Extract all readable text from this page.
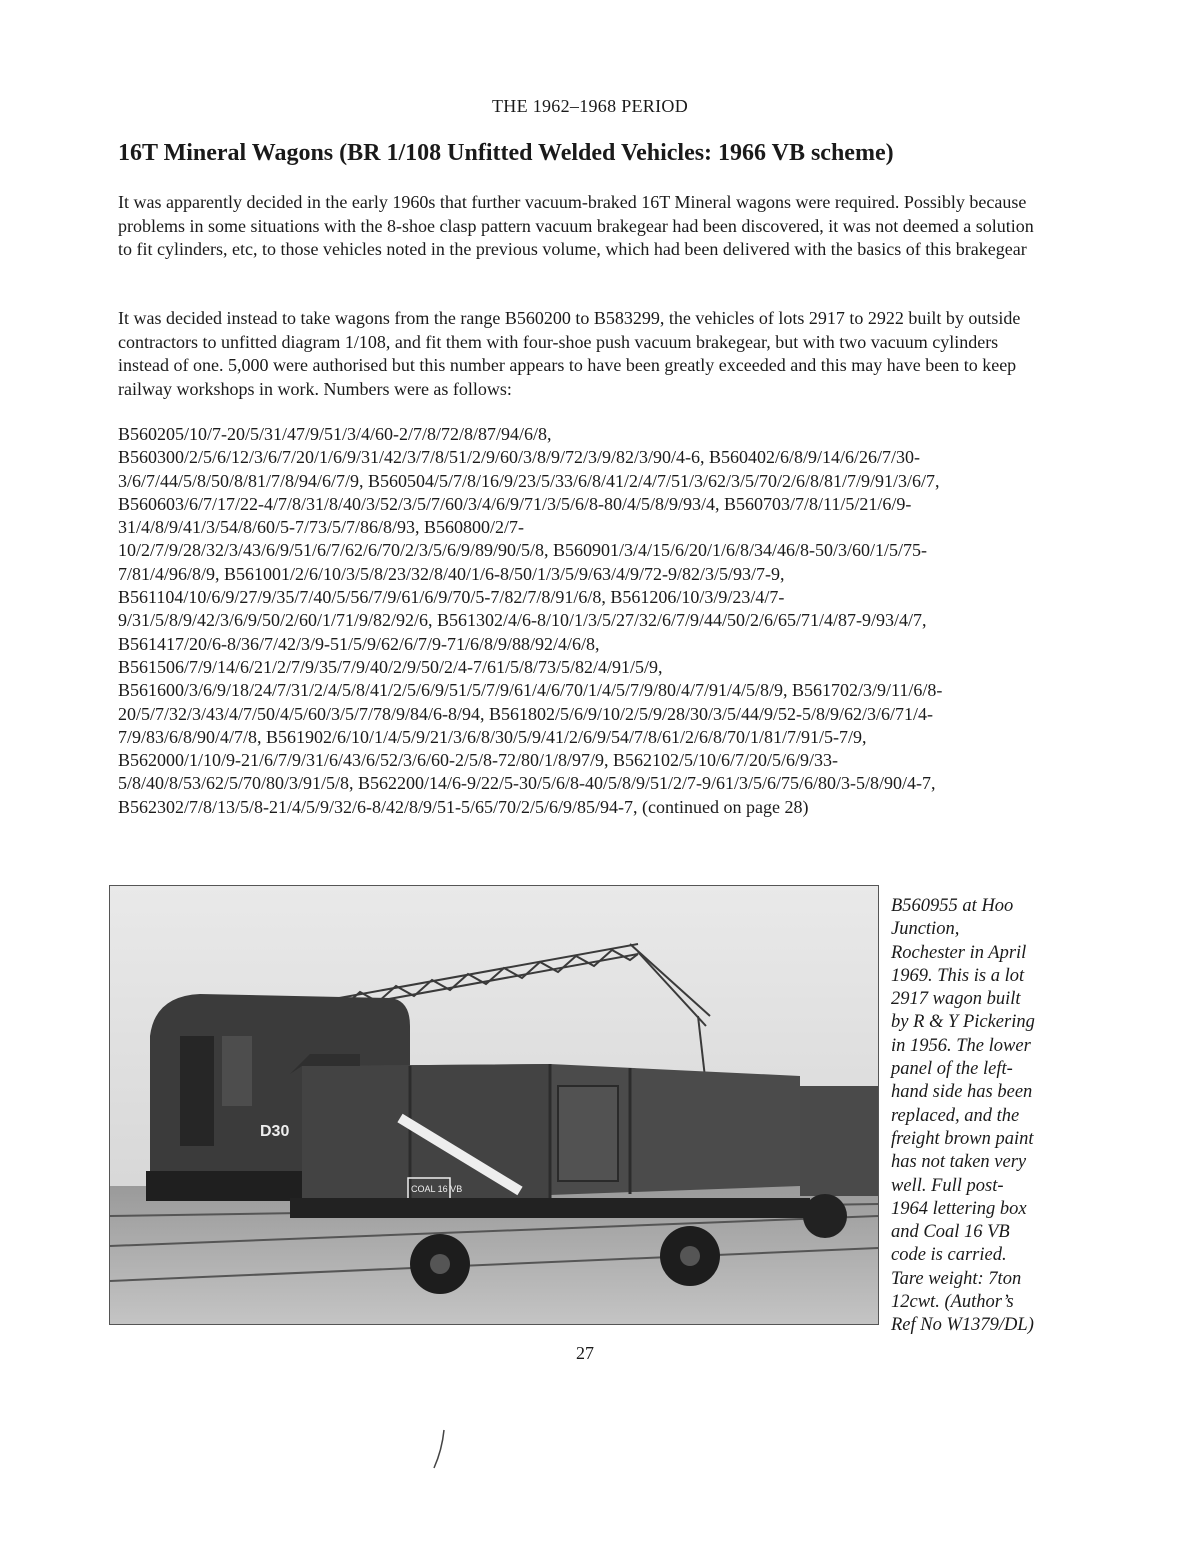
THE 1962–1968 PERIOD
16T Mineral Wagons (BR 1/108 Unfitted Welded Vehicles: 1966 VB scheme)

It was apparently decided in the early 1960s that further vacuum-braked 16T Mineral wagons were required. Possibly because problems in some situations with the 8-shoe clasp pattern vacuum brakegear had been discovered, it was not deemed a solution to fit cylinders, etc, to those vehicles noted in the previous volume, which had been delivered with the basics of this brakegear

It was decided instead to take wagons from the range B560200 to B583299, the vehicles of lots 2917 to 2922 built by outside contractors to unfitted diagram 1/108, and fit them with four-shoe push vacuum brakegear, but with two vacuum cylinders instead of one. 5,000 were authorised but this number appears to have been greatly exceeded and this may have been to keep railway workshops in work. Numbers were as follows:

B560205/10/7-20/5/31/47/9/51/3/4/60-2/7/8/72/8/87/94/6/8,
B560300/2/5/6/12/3/6/7/20/1/6/9/31/42/3/7/8/51/2/9/60/3/8/9/72/3/9/82/3/90/4-6, B560402/6/8/9/14/6/26/7/30-
3/6/7/44/5/8/50/8/81/7/8/94/6/7/9, B560504/5/7/8/16/9/23/5/33/6/8/41/2/4/7/51/3/62/3/5/70/2/6/8/81/7/9/91/3/6/7,
B560603/6/7/17/22-4/7/8/31/8/40/3/52/3/5/7/60/3/4/6/9/71/3/5/6/8-80/4/5/8/9/93/4, B560703/7/8/11/5/21/6/9-
31/4/8/9/41/3/54/8/60/5-7/73/5/7/86/8/93, B560800/2/7-
10/2/7/9/28/32/3/43/6/9/51/6/7/62/6/70/2/3/5/6/9/89/90/5/8, B560901/3/4/15/6/20/1/6/8/34/46/8-50/3/60/1/5/75-
7/81/4/96/8/9, B561001/2/6/10/3/5/8/23/32/8/40/1/6-8/50/1/3/5/9/63/4/9/72-9/82/3/5/93/7-9,
B561104/10/6/9/27/9/35/7/40/5/56/7/9/61/6/9/70/5-7/82/7/8/91/6/8, B561206/10/3/9/23/4/7-
9/31/5/8/9/42/3/6/9/50/2/60/1/71/9/82/92/6, B561302/4/6-8/10/1/3/5/27/32/6/7/9/44/50/2/6/65/71/4/87-9/93/4/7,
B561417/20/6-8/36/7/42/3/9-51/5/9/62/6/7/9-71/6/8/9/88/92/4/6/8,
B561506/7/9/14/6/21/2/7/9/35/7/9/40/2/9/50/2/4-7/61/5/8/73/5/82/4/91/5/9,
B561600/3/6/9/18/24/7/31/2/4/5/8/41/2/5/6/9/51/5/7/9/61/4/6/70/1/4/5/7/9/80/4/7/91/4/5/8/9, B561702/3/9/11/6/8-
20/5/7/32/3/43/4/7/50/4/5/60/3/5/7/78/9/84/6-8/94, B561802/5/6/9/10/2/5/9/28/30/3/5/44/9/52-5/8/9/62/3/6/71/4-
7/9/83/6/8/90/4/7/8, B561902/6/10/1/4/5/9/21/3/6/8/30/5/9/41/2/6/9/54/7/8/61/2/6/8/70/1/81/7/91/5-7/9,
B562000/1/10/9-21/6/7/9/31/6/43/6/52/3/6/60-2/5/8-72/80/1/8/97/9, B562102/5/10/6/7/20/5/6/9/33-
5/8/40/8/53/62/5/70/80/3/91/5/8, B562200/14/6-9/22/5-30/5/6/8-40/5/8/9/51/2/7-9/61/3/5/6/75/6/80/3-5/8/90/4-7,
B562302/7/8/13/5/8-21/4/5/9/32/6-8/42/8/9/51-5/65/70/2/5/6/9/85/94-7, (continued on page 28)
D30
COAL 16 VB

B560955 at Hoo
Junction,
Rochester in April
1969. This is a lot
2917 wagon built
by R & Y Pickering
in 1956. The lower
panel of the left-
hand side has been
replaced, and the
freight brown paint
has not taken very
well. Full post-
1964 lettering box
and Coal 16 VB
code is carried.
Tare weight: 7ton
12cwt. (Author’s
Ref No W1379/DL)

27
